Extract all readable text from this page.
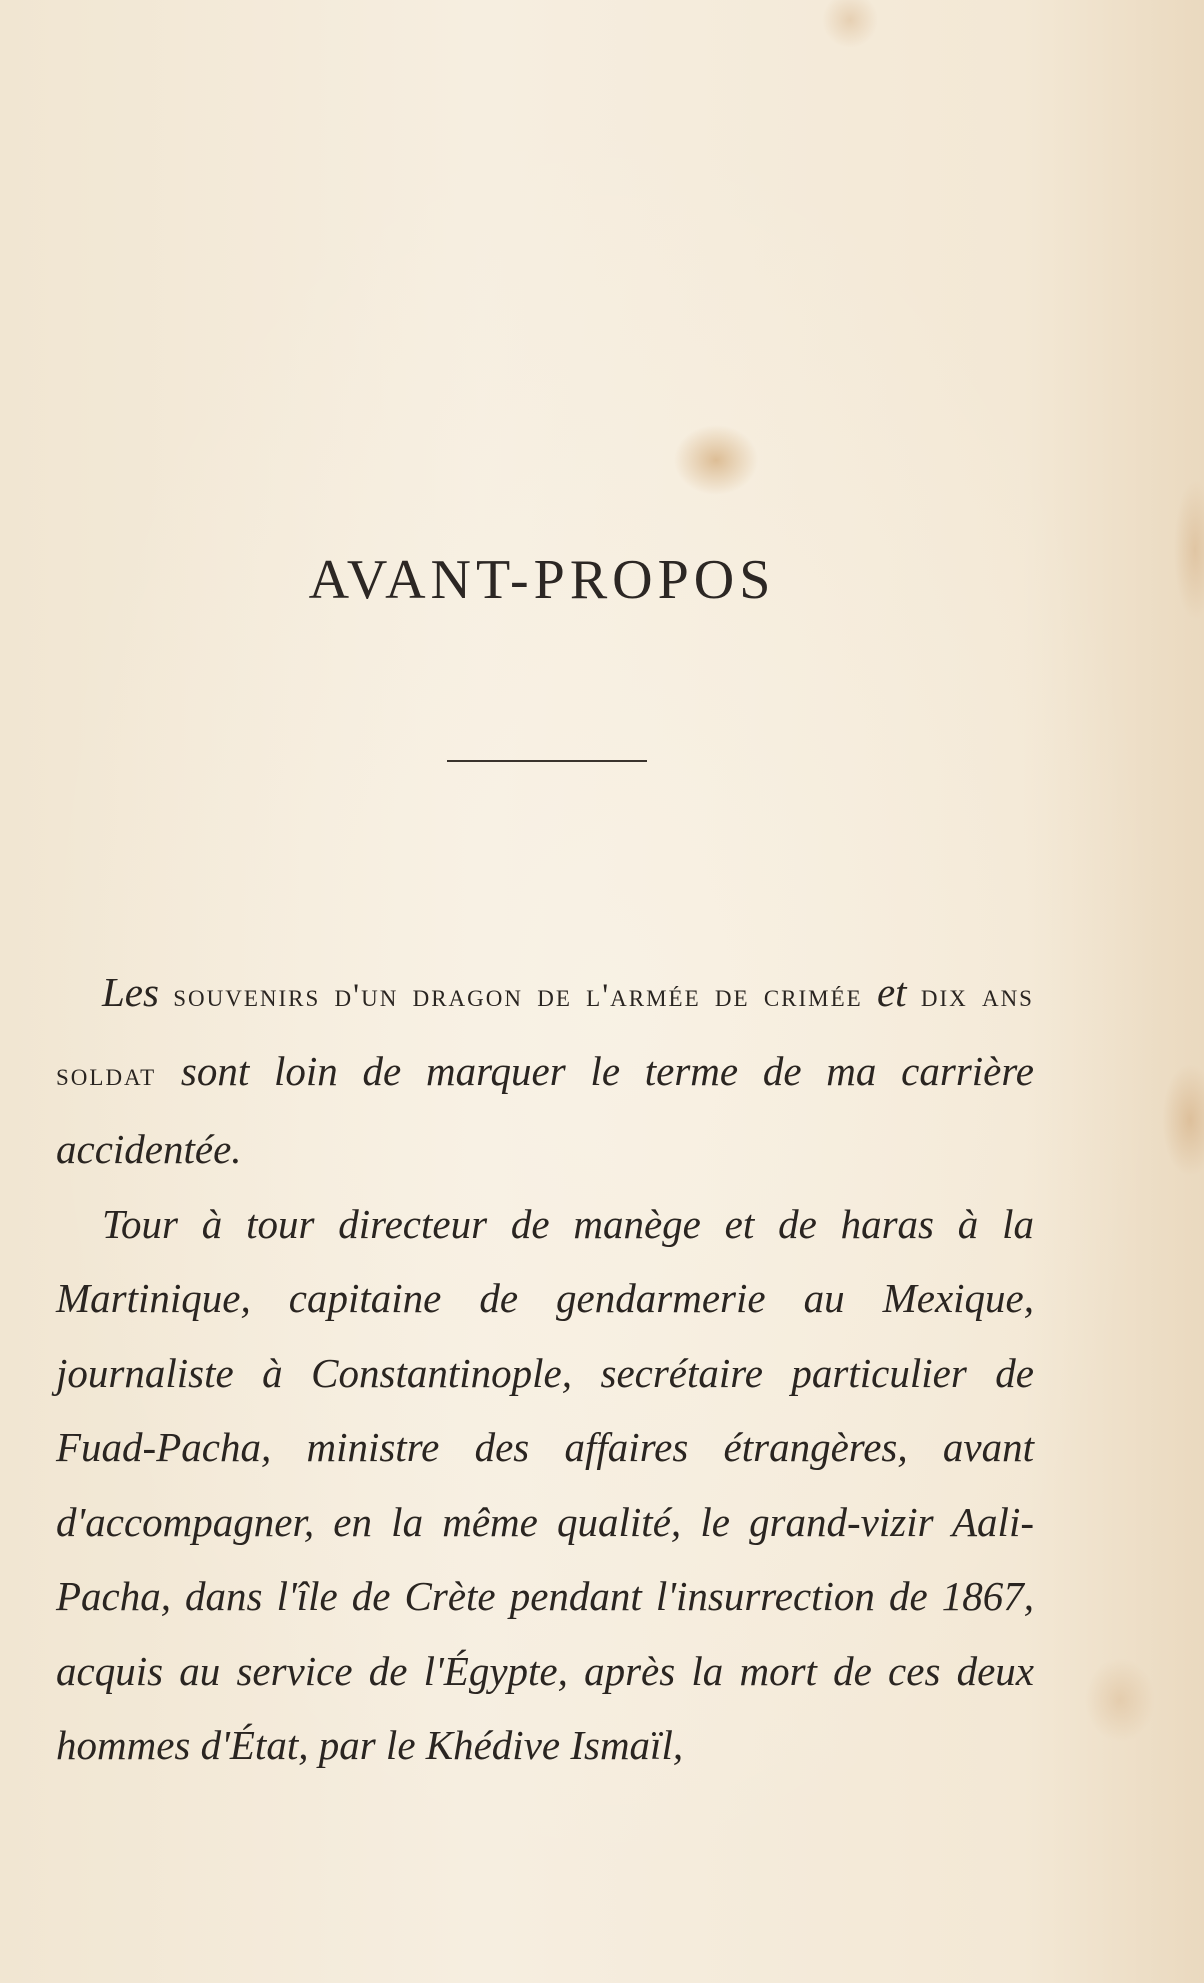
AVANT-PROPOS

Les souvenirs d'un dragon de l'armée de crimée et dix ans soldat sont loin de marquer le terme de ma carrière accidentée.

Tour à tour directeur de manège et de haras à la Martinique, capitaine de gendarmerie au Mexique, journaliste à Constantinople, secrétaire particulier de Fuad-Pacha, ministre des affaires étrangères, avant d'accompagner, en la même qualité, le grand-vizir Aali-Pacha, dans l'île de Crète pendant l'insurrection de 1867, acquis au service de l'Égypte, après la mort de ces deux hommes d'État, par le Khédive Ismaïl,
